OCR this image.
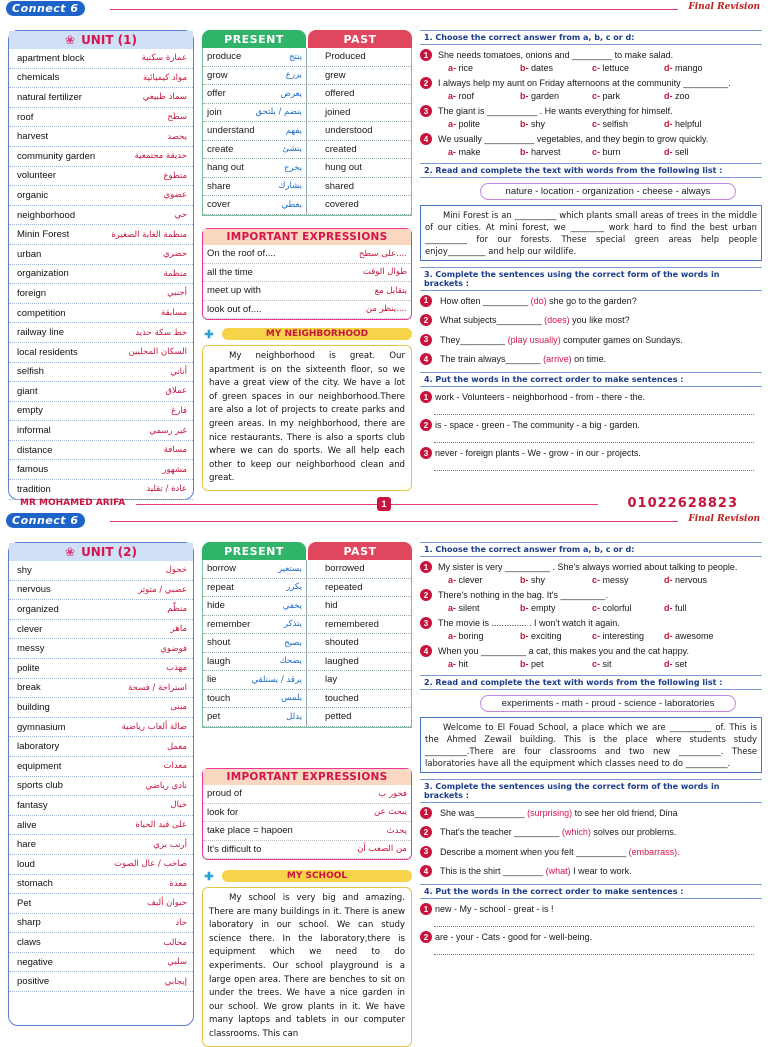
Connect 6	Final Revision
❀ UNIT (1)
apartment block	عمارة سكنية
chemicals	مواد كيميائية
natural fertilizer	سماد طبيعي
roof	سطح
harvest	يحصد
community garden	حديقة مجتمعية
volunteer	متطوع
organic	عضوي
neighborhood	حي
Minin Forest	منظمة الغابة الصغيرة
urban	حضري
organization	منظمة
foreign	أجنبي
competition	مسابقة
railway line	خط سكة حديد
local residents	السكان المحليين
selfish	أناني
giant	عملاق
empty	فارغ
informal	غير رسمي
distance	مسافة
famous	مشهور
tradition	عادة / تقليد
PRESENT	PAST
produce	ينتج	Produced
grow	يزرع	grew
offer	يعرض	offered
join	ينضم / يلتحق	joined
understand	يفهم	understood
create	ينشئ	created
hang out	يخرج	hung out
share	يشارك	shared
cover	يغطي	covered
IMPORTANT EXPRESSIONS
On the roof of....	على سطح....
all the time	طوال الوقت
meet up with	يتقابل مع
look out of....	ينظر من....
✚	MY NEIGHBORHOOD
My neighborhood is great. Our apartment is on the sixteenth floor, so we have a great view of the city. We have a lot of green spaces in our neighborhood.There are also a lot of projects to create parks and green areas. In my neighborhood, there are nice restaurants. There is also a sports club where we can do sports. We all help each other to keep our neighborhood clean and great.
1. Choose the correct answer from a, b, c or d:
1	She needs tomatoes, onions and ________ to make salad.
a- rice	b- dates	c- lettuce	d- mango
2	I always help my aunt on Friday afternoons at the community _________.
a- roof	b- garden	c- park	d- zoo
3	The giant is __________ . He wants everything for himself.
a- polite	b- shy	c- selfish	d- helpful
4	We usually __________ vegetables, and they begin to grow quickly.
a- make	b- harvest	c- burn	d- sell
2. Read and complete the text with words from the following list :
nature - location - organization - cheese - always
Mini Forest is an __________ which plants small areas of trees in the middle of our cities. At mini forest, we ________ work hard to find the best urban __________ for our forests. These special green areas help people enjoy_________ and help our wildlife.
3. Complete the sentences using the correct form of the words in brackets :
1	How often _________ (do) she go to the garden?
2	What subjects_________ (does) you like most?
3	They_________ (play usually) computer games on Sundays.
4	The train always_______ (arrive) on time.
4. Put the words in the correct order to make sentences :
1 work - Volunteers - neighborhood - from - there - the.
2 is - space - green - The community - a big - garden.
3 never - foreign plants - We - grow - in our - projects.
MR MOHAMED ARIFA	1	01022628823
Connect 6	Final Revision
❀ UNIT (2)
shy	خجول
nervous	عصبي / متوتر
organized	منظّم
clever	ماهر
messy	فوضوي
polite	مهذب
break	استراحة / فسحة
building	مبنى
gymnasium	صالة ألعاب رياضية
laboratory	معمل
equipment	معدات
sports club	نادي رياضي
fantasy	خيال
alive	على قيد الحياة
hare	أرنب بري
loud	صاخب / عال الصوت
stomach	معدة
Pet	حيوان أليف
sharp	حاد
claws	مخالب
negative	سلبي
positive	إيجابي
PRESENT	PAST
borrow	يستعير	borrowed
repeat	يكرر	repeated
hide	يخفي	hid
remember	يتذكر	remembered
shout	يصيح	shouted
laugh	يضحك	laughed
lie	يرقد / يستلقي	lay
touch	يلمس	touched
pet	يدلل	petted
IMPORTANT EXPRESSIONS
proud of	فخور ب
look for	يبحث عن
take place = hapoen	يحدث
It's difficult to	من الصعب أن
✚	MY SCHOOL
My school is very big and amazing. There are many buildings in it. There is anew laboratory in our school. We can study science there. In the laboratory,there is equipment which we need to do experiments. Our school playground is a large open area. There are benches to sit on under the trees. We have a nice garden in our school. We grow plants in it. We have many laptops and tablets in our computer classrooms. This can
1. Choose the correct answer from a, b, c or d:
1	My sister is very _________ . She's always worried about talking to people.
a- clever	b- shy	c- messy	d- nervous
2	There's nothing in the bag. It's _________.
a- silent	b- empty	c- colorful	d- full
3	The movie is .............. . I won't watch it again.
a- boring	b- exciting	c- interesting	d- awesome
4	When you _________ a cat, this makes you and the cat happy.
a- hit	b- pet	c- sit	d- set
2. Read and complete the text with words from the following list :
experiments - math - proud - science - laboratories
Welcome to El Fouad School, a place which we are __________ of. This is the Ahmed Zewail building. This is the place where students study __________.There are four classrooms and two new __________. These laboratories have all the equipment which classes need to do __________.
3. Complete the sentences using the correct form of the words in brackets :
1	She was__________ (surprising) to see her old friend, Dina
2	That's the teacher _________ (which) solves our problems.
3	Describe a moment when you felt __________ (embarrass).
4	This is the shirt ________ (what) I wear to work.
4. Put the words in the correct order to make sentences :
1 new - My - school - great - is !
2 are - your - Cats - good for - well-being.
